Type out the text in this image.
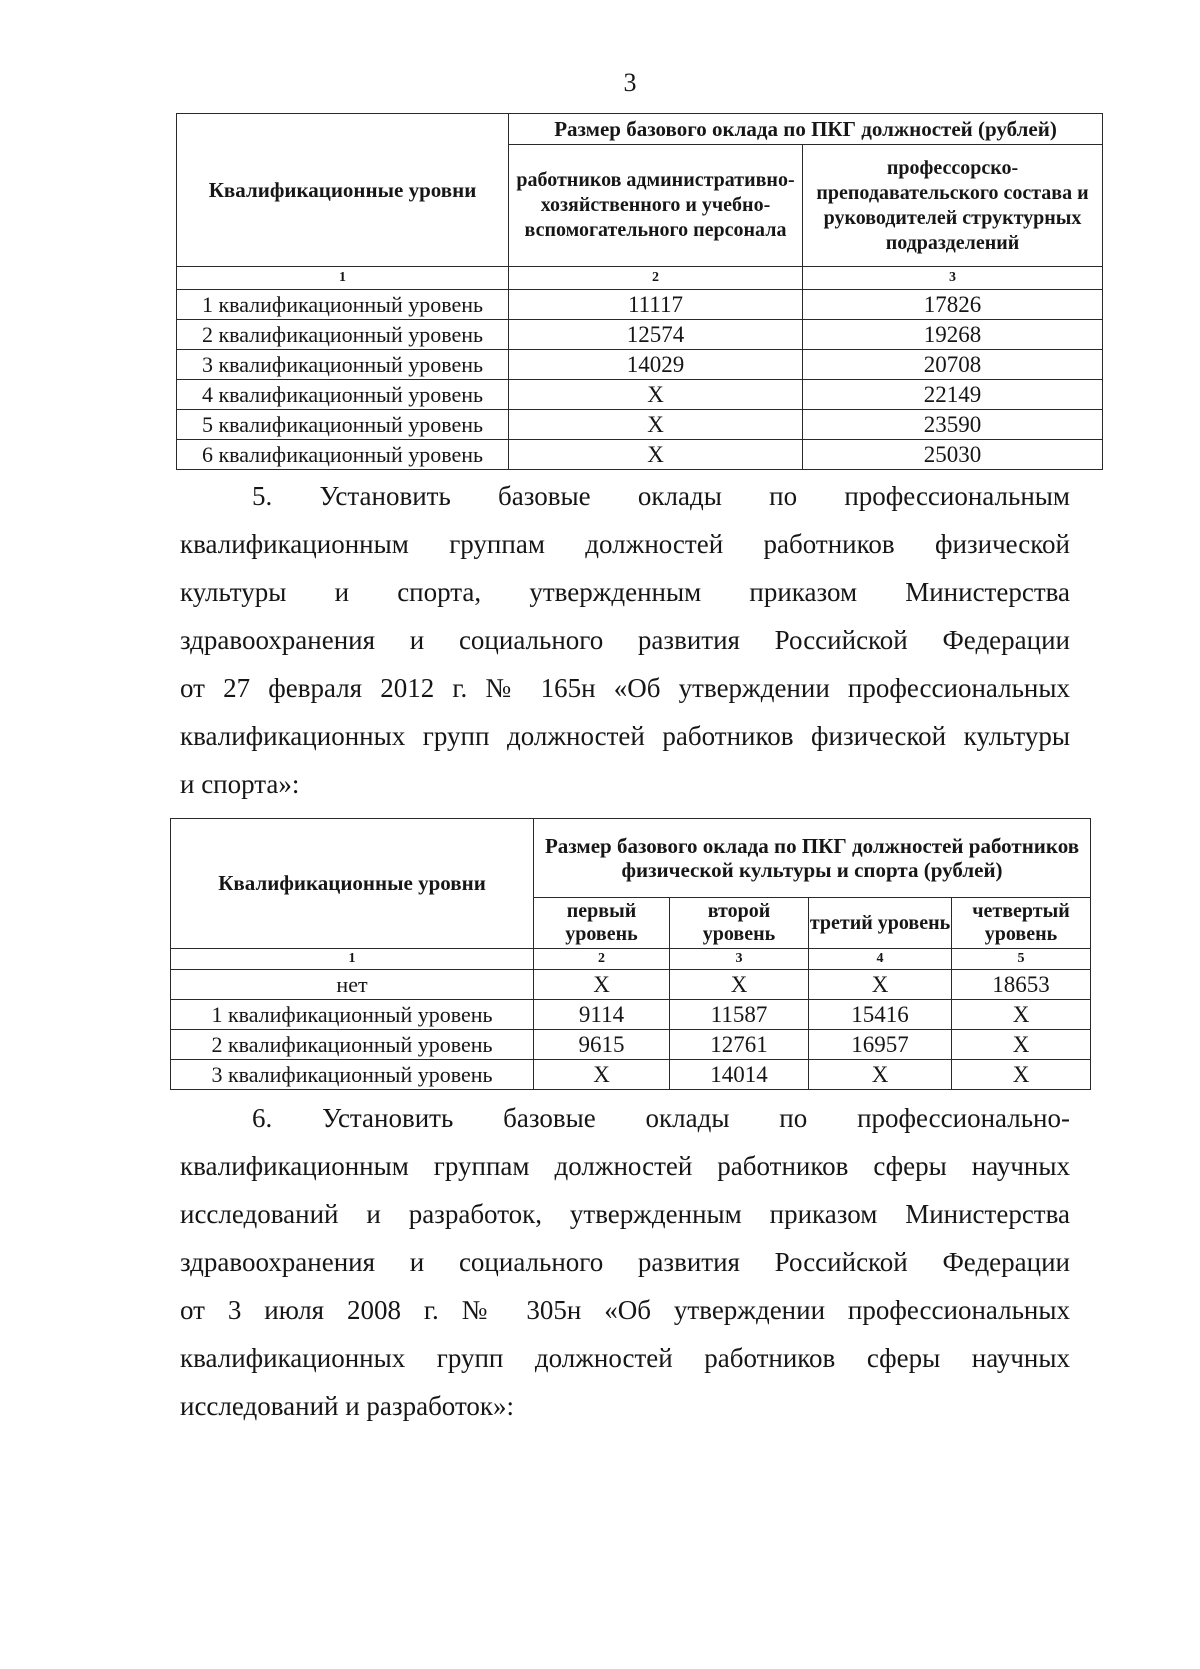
3
Квалификационные уровни	Размер базового оклада по ПКГ должностей (рублей)	
	работников административно-хозяйственного и учебно-вспомогательного персонала	профессорско-преподавательского состава и руководителей структурных подразделений
1	2	3
1 квалификационный уровень	11117	17826
2 квалификационный уровень	12574	19268
3 квалификационный уровень	14029	20708
4 квалификационный уровень	X	22149
5 квалификационный уровень	X	23590
6 квалификационный уровень	X	25030
5. Установить базовые оклады по профессиональным
квалификационным группам должностей работников физической
культуры и спорта, утвержденным приказом Министерства
здравоохранения и социального развития Российской Федерации
от 27 февраля 2012 г. № 165н «Об утверждении профессиональных
квалификационных групп должностей работников физической культуры
и спорта»:
Квалификационные уровни	Размер базового оклада по ПКГ должностей работников физической культуры и спорта (рублей)			
	первый уровень	второй уровень	третий уровень	четвертый уровень
1	2	3	4	5
нет	X	X	X	18653
1 квалификационный уровень	9114	11587	15416	X
2 квалификационный уровень	9615	12761	16957	X
3 квалификационный уровень	X	14014	X	X
6. Установить базовые оклады по профессионально-
квалификационным группам должностей работников сферы научных
исследований и разработок, утвержденным приказом Министерства
здравоохранения и социального развития Российской Федерации
от 3 июля 2008 г. № 305н «Об утверждении профессиональных
квалификационных групп должностей работников сферы научных
исследований и разработок»:
